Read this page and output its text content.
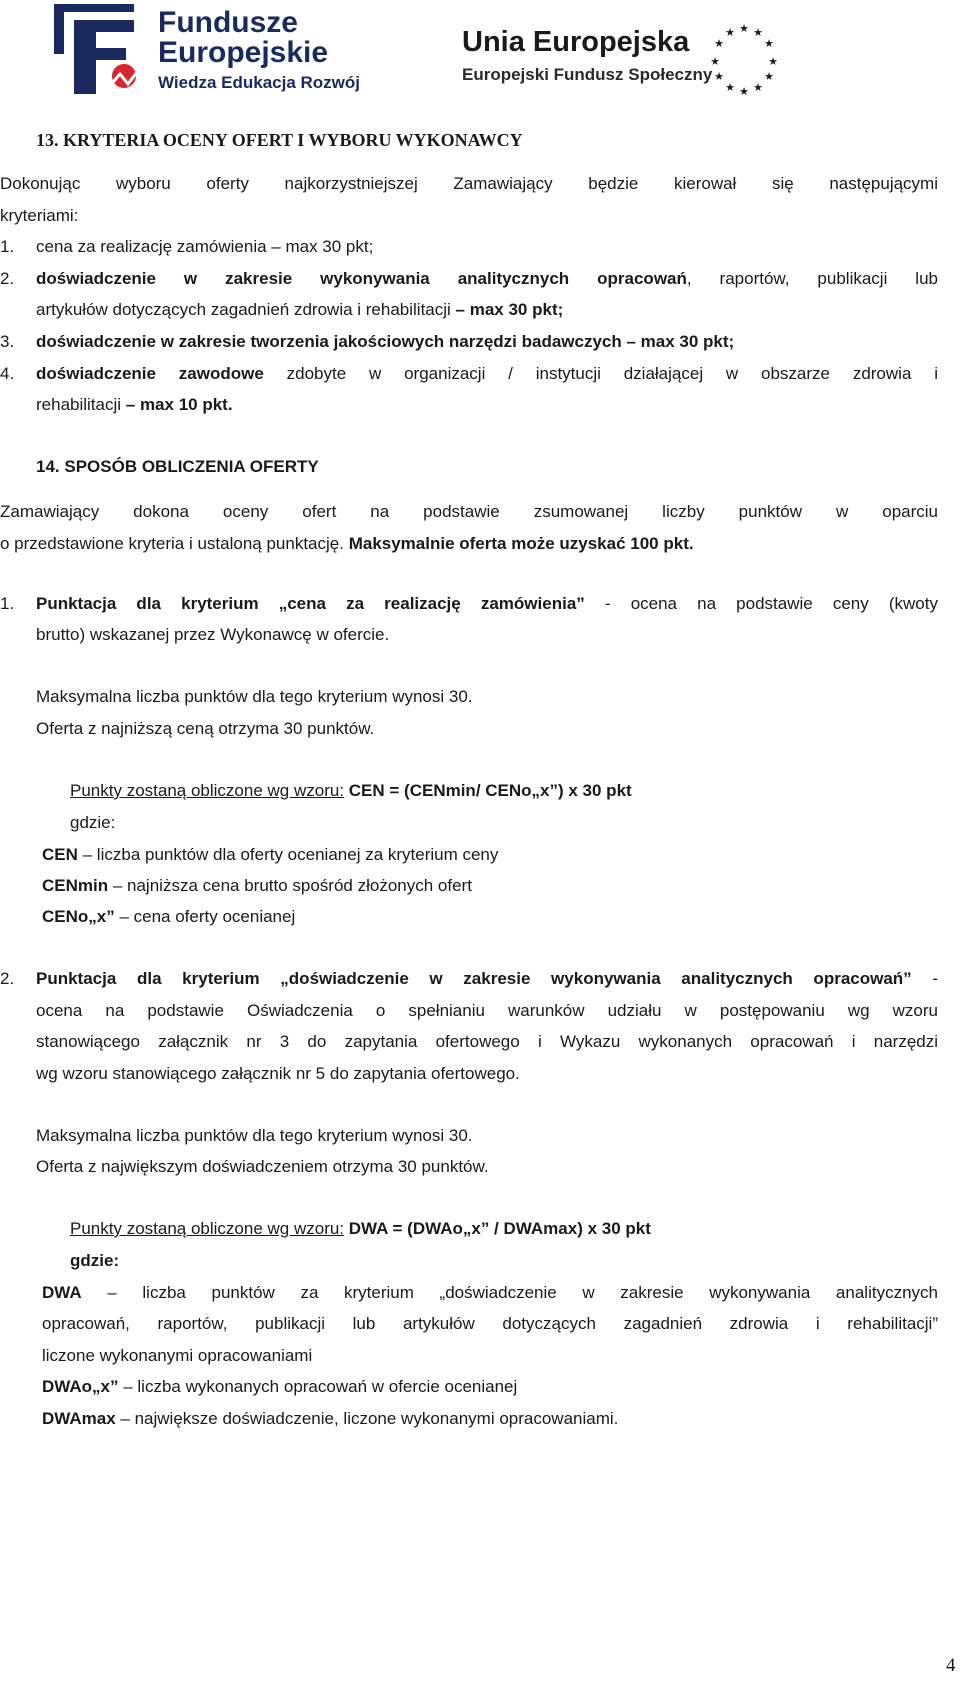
Fundusze
Europejskie
Wiedza Edukacja Rozwój
Unia Europejska
Europejski Fundusz Społeczny
★ ★
★
★
★
★
★
★
★
★
★
★
13. KRYTERIA OCENY OFERT I WYBORU WYKONAWCY
Dokonując wyboru oferty najkorzystniejszej Zamawiający będzie kierował się następującymi
kryteriami:
1. cena za realizację zamówienia – max 30 pkt;
2. doświadczenie w zakresie wykonywania analitycznych opracowań, raportów, publikacji lub
artykułów dotyczących zagadnień zdrowia i rehabilitacji – max 30 pkt;
3. doświadczenie w zakresie tworzenia jakościowych narzędzi badawczych – max 30 pkt;
4. doświadczenie zawodowe zdobyte w organizacji / instytucji działającej w obszarze zdrowia i
rehabilitacji – max 10 pkt.
14. SPOSÓB OBLICZENIA OFERTY
Zamawiający dokona oceny ofert na podstawie zsumowanej liczby punktów w oparciu
o przedstawione kryteria i ustaloną punktację. Maksymalnie oferta może uzyskać 100 pkt.
1. Punktacja dla kryterium „cena za realizację zamówienia” - ocena na podstawie ceny (kwoty
brutto) wskazanej przez Wykonawcę w ofercie.
Maksymalna liczba punktów dla tego kryterium wynosi 30.
Oferta z najniższą ceną otrzyma 30 punktów.
Punkty zostaną obliczone wg wzoru: CEN = (CENmin/ CENo„x”) x 30 pkt
gdzie:
CEN – liczba punktów dla oferty ocenianej za kryterium ceny
CENmin – najniższa cena brutto spośród złożonych ofert
CENo„x” – cena oferty ocenianej
2. Punktacja dla kryterium „doświadczenie w zakresie wykonywania analitycznych opracowań” -
ocena na podstawie Oświadczenia o spełnianiu warunków udziału w postępowaniu wg wzoru
stanowiącego załącznik nr 3 do zapytania ofertowego i Wykazu wykonanych opracowań i narzędzi
wg wzoru stanowiącego załącznik nr 5 do zapytania ofertowego.
Maksymalna liczba punktów dla tego kryterium wynosi 30.
Oferta z największym doświadczeniem otrzyma 30 punktów.
Punkty zostaną obliczone wg wzoru: DWA = (DWAo„x” / DWAmax) x 30 pkt
gdzie:
DWA – liczba punktów za kryterium „doświadczenie w zakresie wykonywania analitycznych
opracowań, raportów, publikacji lub artykułów dotyczących zagadnień zdrowia i rehabilitacji”
liczone wykonanymi opracowaniami
DWAo„x” – liczba wykonanych opracowań w ofercie ocenianej
DWAmax – największe doświadczenie, liczone wykonanymi opracowaniami.
4
